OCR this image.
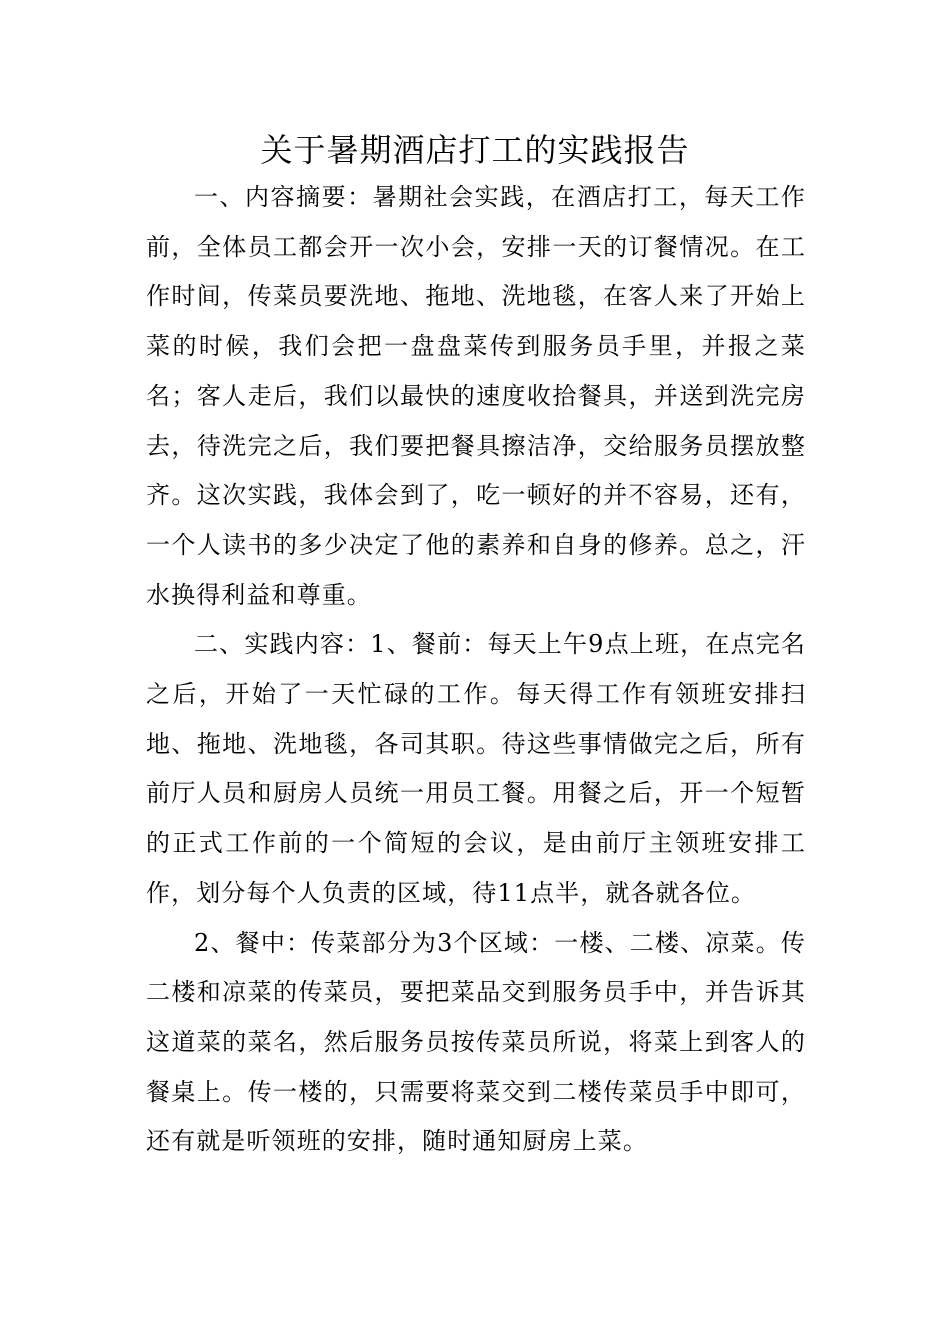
关于暑期酒店打工的实践报告

一、内容摘要：暑期社会实践，在酒店打工，每天工作前，全体员工都会开一次小会，安排一天的订餐情况。在工作时间，传菜员要洗地、拖地、洗地毯，在客人来了开始上菜的时候，我们会把一盘盘菜传到服务员手里，并报之菜名；客人走后，我们以最快的速度收拾餐具，并送到洗完房去，待洗完之后，我们要把餐具擦洁净，交给服务员摆放整齐。这次实践，我体会到了，吃一顿好的并不容易，还有，一个人读书的多少决定了他的素养和自身的修养。总之，汗水换得利益和尊重。

二、实践内容：1、餐前：每天上午9点上班，在点完名之后，开始了一天忙碌的工作。每天得工作有领班安排扫地、拖地、洗地毯，各司其职。待这些事情做完之后，所有前厅人员和厨房人员统一用员工餐。用餐之后，开一个短暂的正式工作前的一个简短的会议，是由前厅主领班安排工作，划分每个人负责的区域，待11点半，就各就各位。

2、餐中：传菜部分为3个区域：一楼、二楼、凉菜。传二楼和凉菜的传菜员，要把菜品交到服务员手中，并告诉其这道菜的菜名，然后服务员按传菜员所说，将菜上到客人的餐桌上。传一楼的，只需要将菜交到二楼传菜员手中即可，还有就是听领班的安排，随时通知厨房上菜。
